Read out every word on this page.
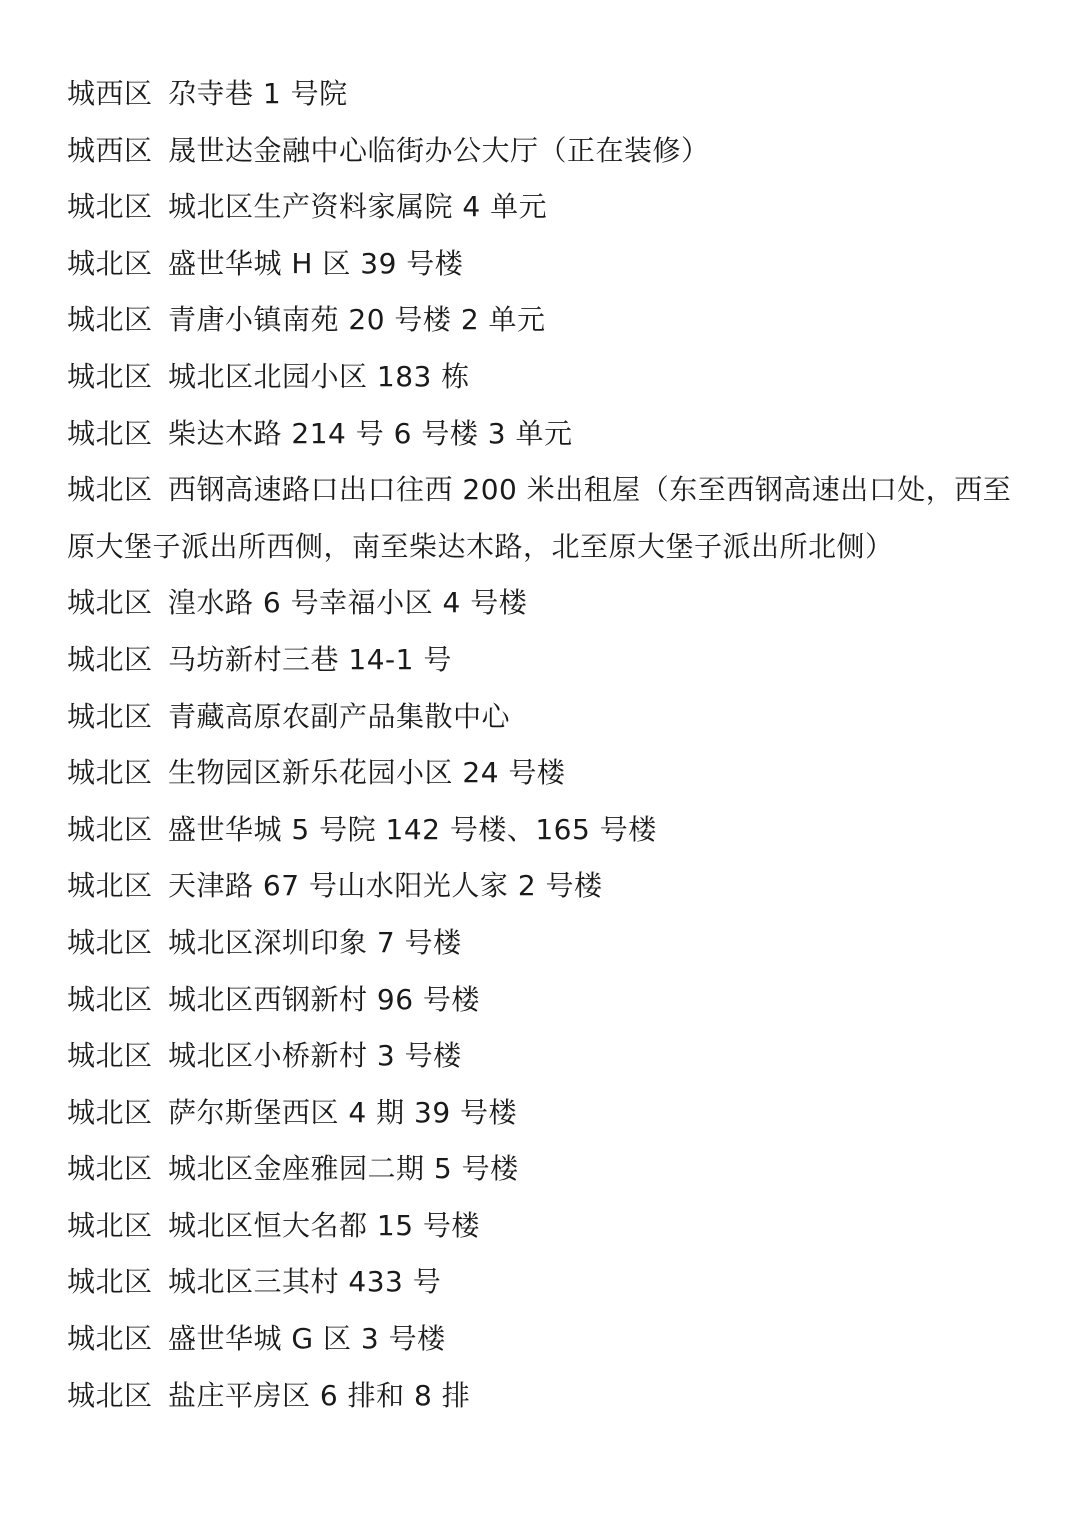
城西区 尕寺巷 1 号院
城西区 晟世达金融中心临街办公大厅（正在装修）
城北区 城北区生产资料家属院 4 单元
城北区 盛世华城 H 区 39 号楼
城北区 青唐小镇南苑 20 号楼 2 单元
城北区 城北区北园小区 183 栋
城北区 柴达木路 214 号 6 号楼 3 单元
城北区 西钢高速路口出口往西 200 米出租屋（东至西钢高速出口处，西至原大堡子派出所西侧，南至柴达木路，北至原大堡子派出所北侧）
城北区 湟水路 6 号幸福小区 4 号楼
城北区 马坊新村三巷 14-1 号
城北区 青藏高原农副产品集散中心
城北区 生物园区新乐花园小区 24 号楼
城北区 盛世华城 5 号院 142 号楼、165 号楼
城北区 天津路 67 号山水阳光人家 2 号楼
城北区 城北区深圳印象 7 号楼
城北区 城北区西钢新村 96 号楼
城北区 城北区小桥新村 3 号楼
城北区 萨尔斯堡西区 4 期 39 号楼
城北区 城北区金座雅园二期 5 号楼
城北区 城北区恒大名都 15 号楼
城北区 城北区三其村 433 号
城北区 盛世华城 G 区 3 号楼
城北区 盐庄平房区 6 排和 8 排
